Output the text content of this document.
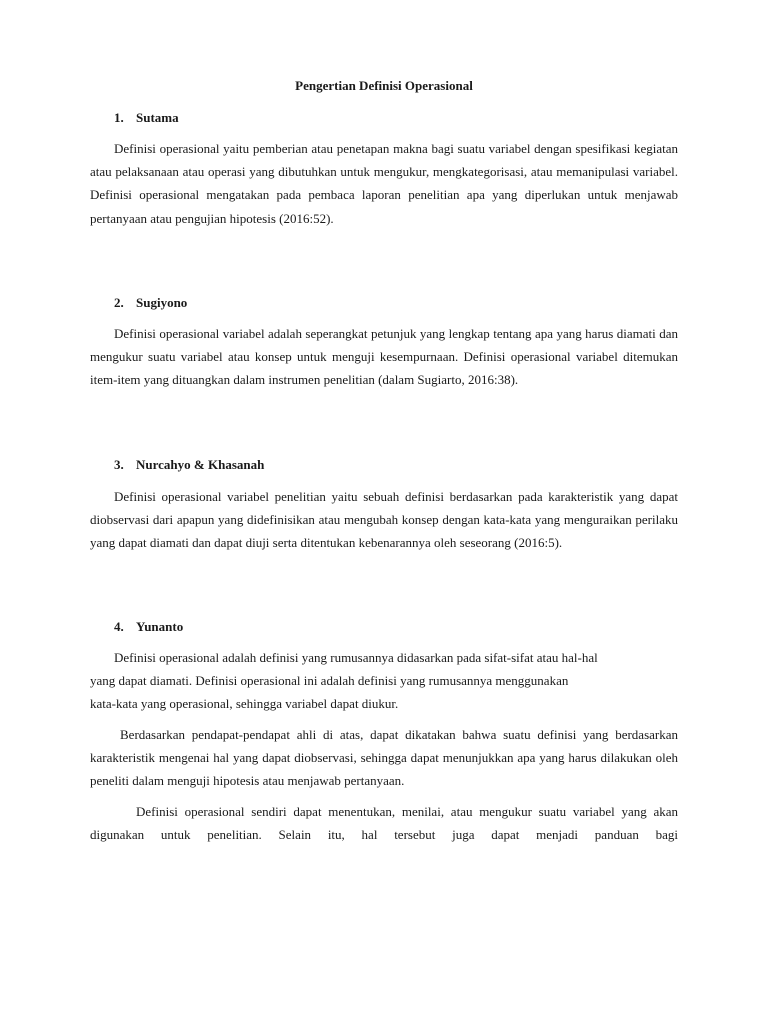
Pengertian Definisi Operasional
1. Sutama

Definisi operasional yaitu pemberian atau penetapan makna bagi suatu variabel dengan spesifikasi kegiatan atau pelaksanaan atau operasi yang dibutuhkan untuk mengukur, mengkategorisasi, atau memanipulasi variabel. Definisi operasional mengatakan pada pembaca laporan penelitian apa yang diperlukan untuk menjawab pertanyaan atau pengujian hipotesis (2016:52).

2. Sugiyono

Definisi operasional variabel adalah seperangkat petunjuk yang lengkap tentang apa yang harus diamati dan mengukur suatu variabel atau konsep untuk menguji kesempurnaan. Definisi operasional variabel ditemukan item-item yang dituangkan dalam instrumen penelitian (dalam Sugiarto, 2016:38).

3. Nurcahyo & Khasanah

Definisi operasional variabel penelitian yaitu sebuah definisi berdasarkan pada karakteristik yang dapat diobservasi dari apapun yang didefinisikan atau mengubah konsep dengan kata-kata yang menguraikan perilaku yang dapat diamati dan dapat diuji serta ditentukan kebenarannya oleh seseorang (2016:5).

4. Yunanto
Definisi operasional adalah definisi yang rumusannya didasarkan pada sifat-sifat atau hal-hal
yang dapat diamati. Definisi operasional ini adalah definisi yang rumusannya menggunakan
kata-kata yang operasional, sehingga variabel dapat diukur.

Berdasarkan pendapat-pendapat ahli di atas, dapat dikatakan bahwa suatu definisi yang berdasarkan karakteristik mengenai hal yang dapat diobservasi, sehingga dapat menunjukkan apa yang harus dilakukan oleh peneliti dalam menguji hipotesis atau menjawab pertanyaan.

Definisi operasional sendiri dapat menentukan, menilai, atau mengukur suatu variabel yang akan digunakan untuk penelitian. Selain itu, hal tersebut juga dapat menjadi panduan bagi
